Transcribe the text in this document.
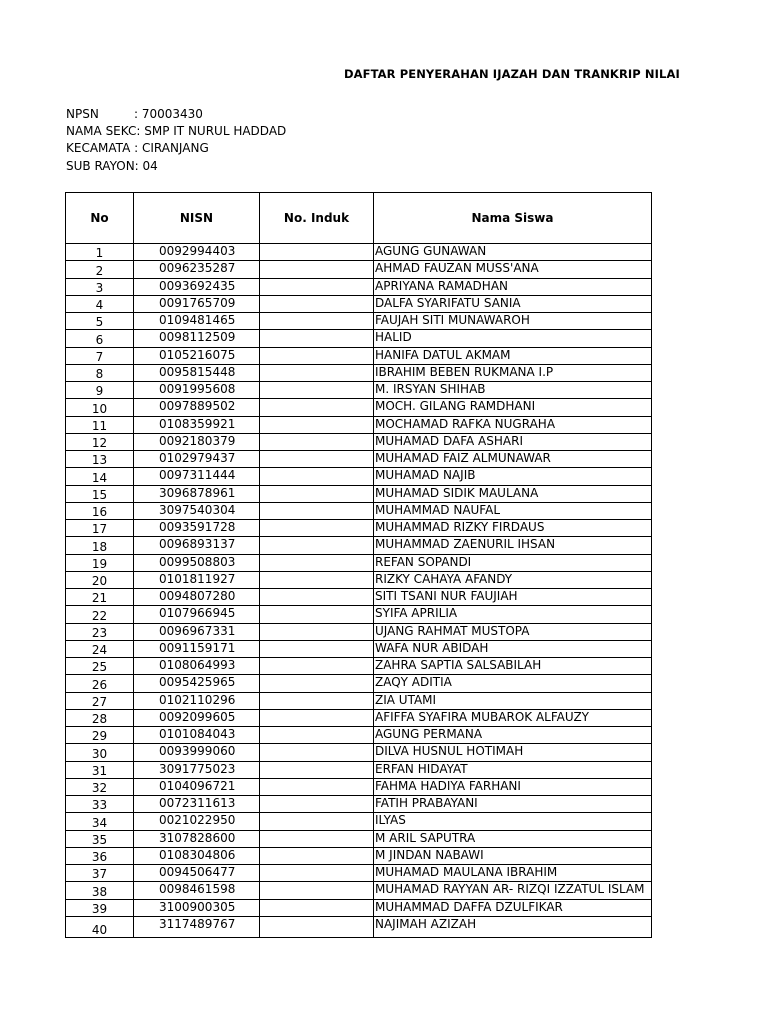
DAFTAR PENYERAHAN IJAZAH DAN TRANKRIP NILAI
NPSN	: 70003430
NAMA SEKC: SMP IT NURUL HADDAD
KECAMATA : CIRANJANG
SUB RAYON: 04
No	NISN	No. Induk	Nama Siswa
1	0092994403		AGUNG GUNAWAN
2	0096235287		AHMAD FAUZAN MUSS'ANA
3	0093692435		APRIYANA RAMADHAN
4	0091765709		DALFA SYARIFATU SANIA
5	0109481465		FAUJAH SITI MUNAWAROH
6	0098112509		HALID
7	0105216075		HANIFA DATUL AKMAM
8	0095815448		IBRAHIM BEBEN RUKMANA I.P
9	0091995608		M. IRSYAN SHIHAB
10	0097889502		MOCH. GILANG RAMDHANI
11	0108359921		MOCHAMAD RAFKA NUGRAHA
12	0092180379		MUHAMAD DAFA ASHARI
13	0102979437		MUHAMAD FAIZ ALMUNAWAR
14	0097311444		MUHAMAD NAJIB
15	3096878961		MUHAMAD SIDIK MAULANA
16	3097540304		MUHAMMAD NAUFAL
17	0093591728		MUHAMMAD RIZKY FIRDAUS
18	0096893137		MUHAMMAD ZAENURIL IHSAN
19	0099508803		REFAN SOPANDI
20	0101811927		RIZKY CAHAYA AFANDY
21	0094807280		SITI TSANI NUR FAUJIAH
22	0107966945		SYIFA APRILIA
23	0096967331		UJANG RAHMAT MUSTOPA
24	0091159171		WAFA NUR ABIDAH
25	0108064993		ZAHRA SAPTIA SALSABILAH
26	0095425965		ZAQY ADITIA
27	0102110296		ZIA UTAMI
28	0092099605		AFIFFA SYAFIRA MUBAROK ALFAUZY
29	0101084043		AGUNG PERMANA
30	0093999060		DILVA HUSNUL HOTIMAH
31	3091775023		ERFAN HIDAYAT
32	0104096721		FAHMA HADIYA FARHANI
33	0072311613		FATIH PRABAYANI
34	0021022950		ILYAS
35	3107828600		M ARIL SAPUTRA
36	0108304806		M JINDAN NABAWI
37	0094506477		MUHAMAD MAULANA IBRAHIM
38	0098461598		MUHAMAD RAYYAN AR- RIZQI IZZATUL ISLAM
39	3100900305		MUHAMMAD DAFFA DZULFIKAR
40	3117489767		NAJIMAH AZIZAH
